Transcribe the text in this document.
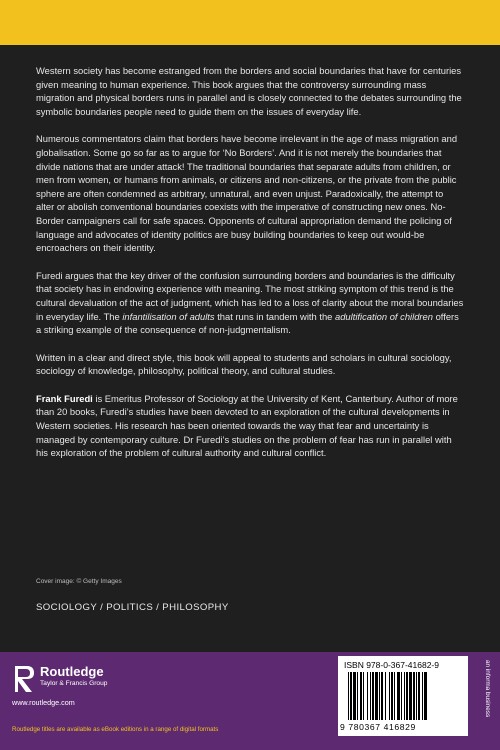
Western society has become estranged from the borders and social boundaries that have for centuries given meaning to human experience. This book argues that the controversy surrounding mass migration and physical borders runs in parallel and is closely connected to the debates surrounding the symbolic boundaries people need to guide them on the issues of everyday life.

Numerous commentators claim that borders have become irrelevant in the age of mass migration and globalisation. Some go so far as to argue for ‘No Borders’. And it is not merely the boundaries that divide nations that are under attack! The traditional boundaries that separate adults from children, or men from women, or humans from animals, or citizens and non-citizens, or the private from the public sphere are often condemned as arbitrary, unnatural, and even unjust. Paradoxically, the attempt to alter or abolish conventional boundaries coexists with the imperative of constructing new ones. No-Border campaigners call for safe spaces. Opponents of cultural appropriation demand the policing of language and advocates of identity politics are busy building boundaries to keep out would-be encroachers on their identity.

Furedi argues that the key driver of the confusion surrounding borders and boundaries is the difficulty that society has in endowing experience with meaning. The most striking symptom of this trend is the cultural devaluation of the act of judgment, which has led to a loss of clarity about the moral boundaries in everyday life. The infantilisation of adults that runs in tandem with the adultification of children offers a striking example of the consequence of non-judgmentalism.

Written in a clear and direct style, this book will appeal to students and scholars in cultural sociology, sociology of knowledge, philosophy, political theory, and cultural studies.

Frank Furedi is Emeritus Professor of Sociology at the University of Kent, Canterbury. Author of more than 20 books, Furedi’s studies have been devoted to an exploration of the cultural developments in Western societies. His research has been oriented towards the way that fear and uncertainty is managed by contemporary culture. Dr Furedi’s studies on the problem of fear has run in parallel with his exploration of the problem of cultural authority and cultural conflict.

Cover image: © Getty Images
SOCIOLOGY / POLITICS / PHILOSOPHY
Routledge
Taylor & Francis Group
www.routledge.com
Routledge titles are available as eBook editions in a range of digital formats
ISBN 978-0-367-41682-9
9 780367 416829
an informa business
